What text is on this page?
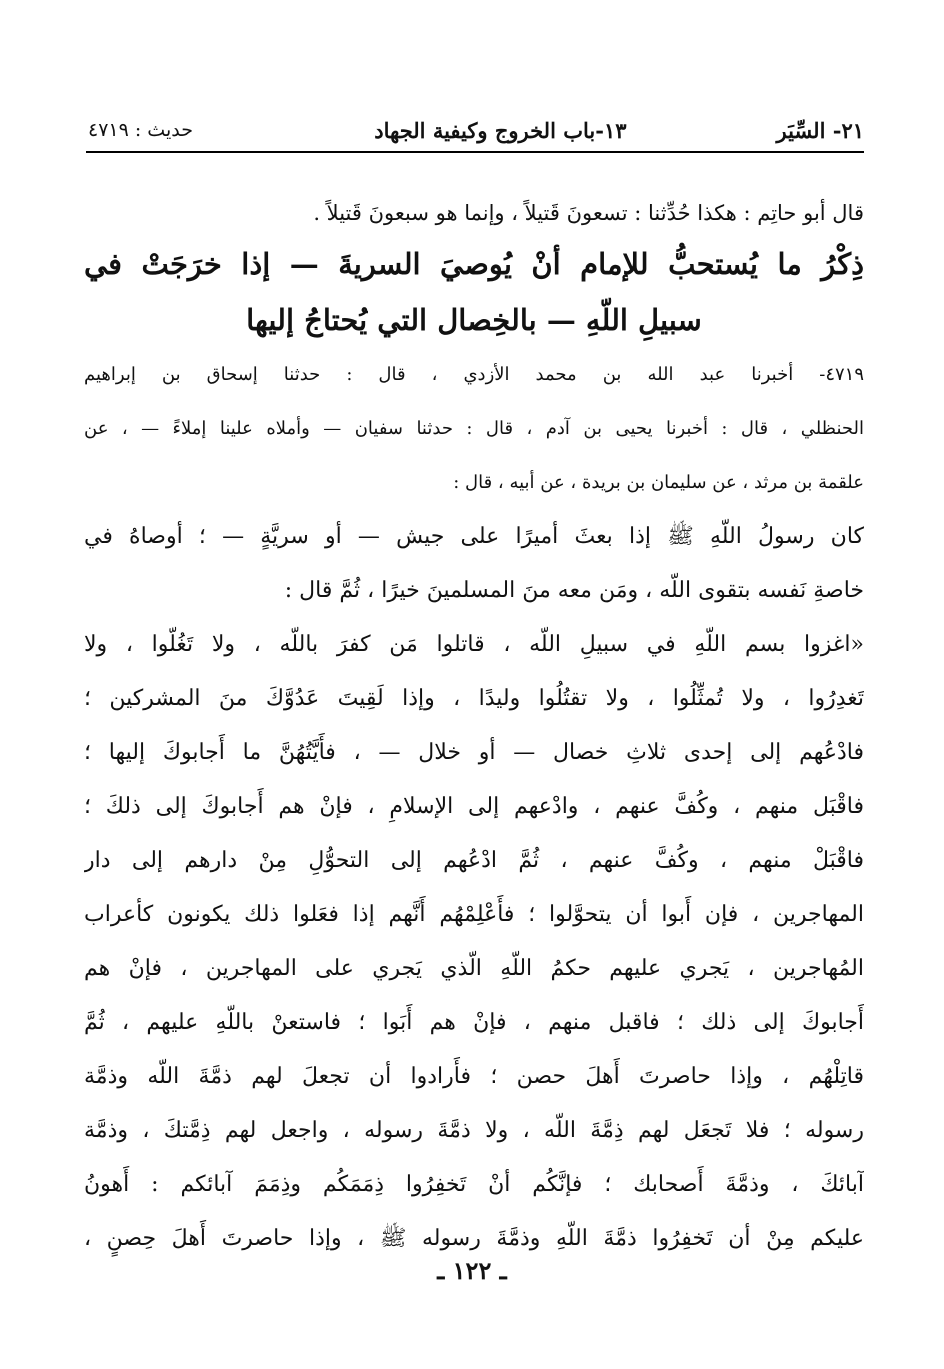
٢١- السِّيَر
١٣-باب الخروج وكيفية الجهاد
حديث : ٤٧١٩
قال أبو حاتِم : هكذا حُدِّثنا : تسعونَ قَتيلاً ، وإنما هو سبعونَ قَتيلاً .
ذِكْرُ ما يُستحبُّ للإمام أنْ يُوصيَ السريةَ — إذا خرَجَتْ في
سبيلِ اللّهِ — بالخِصال التي يُحتاجُ إليها
٤٧١٩- أخبرنا عبد الله بن محمد الأزدي ، قال : حدثنا إسحاق بن إبراهيم
الحنظلي ، قال : أخبرنا يحيى بن آدم ، قال : حدثنا سفيان — وأملاه علينا إملاءً — ، عن
علقمة بن مرثد ، عن سليمان بن بريدة ، عن أبيه ، قال :
كان رسولُ اللّهِ ﷺ إذا بعثَ أميرًا على جيش — أو سريَّةٍ — ؛ أوصاهُ في
خاصةِ نَفسه بتقوى اللّه ، ومَن معه منَ المسلمينَ خيرًا ، ثُمَّ قال :
«اغزوا بسم اللّهِ في سبيلِ اللّه ، قاتلوا مَن كفرَ باللّه ، ولا تَغُلّوا ، ولا
تَغدِرُوا ، ولا تُمثِّلُوا ، ولا تقتُلُوا وليدًا ، وإذا لَقِيتَ عَدُوَّكَ منَ المشركين ؛
فادْعُهم إلى إحدى ثلاثِ خصال — أو خلال — ، فأَيَّتُهُنَّ ما أَجابوكَ إليها ؛
فاقْبَل منهم ، وكُفَّ عنهم ، وادْعهم إلى الإسلامِ ، فإنْ هم أَجابوكَ إلى ذلكَ ؛
فاقْبَلْ منهم ، وكُفَّ عنهم ، ثُمَّ ادْعُهم إلى التحوُّلِ مِنْ دارهم إلى دار
المهاجرين ، فإن أَبوا أن يتحوَّلوا ؛ فأَعْلِمْهُم أَنَّهم إذا فعَلوا ذلك يكونون كأعراب
المُهاجرين ، يَجري عليهم حكمُ اللّهِ الّذي يَجري على المهاجرين ، فإنْ هم
أَجابوكَ إلى ذلك ؛ فاقبل منهم ، فإنْ هم أَبَوا ؛ فاستعنْ باللّهِ عليهم ، ثُمَّ
قاتِلْهُم ، وإذا حاصرتَ أَهلَ حصن ؛ فأَرادوا أن تجعلَ لهم ذمَّةَ اللّه وذمَّة
رسوله ؛ فلا تَجعَل لهم ذِمَّةَ اللّه ، ولا ذمَّةَ رسوله ، واجعل لهم ذِمَّتكَ ، وذمَّة
آبائكَ ، وذمَّةَ أَصحابك ؛ فإنَّكُم أنْ تَخفِرُوا ذِمَمَكُم وذِمَمَ آبائكم : أَهونُ
عليكم مِنْ أن تَخفِرُوا ذمَّةَ اللّهِ وذمَّةَ رسوله ﷺ ، وإذا حاصرتَ أَهلَ حِصنٍ ،
ـ ١٢٢ ـ
